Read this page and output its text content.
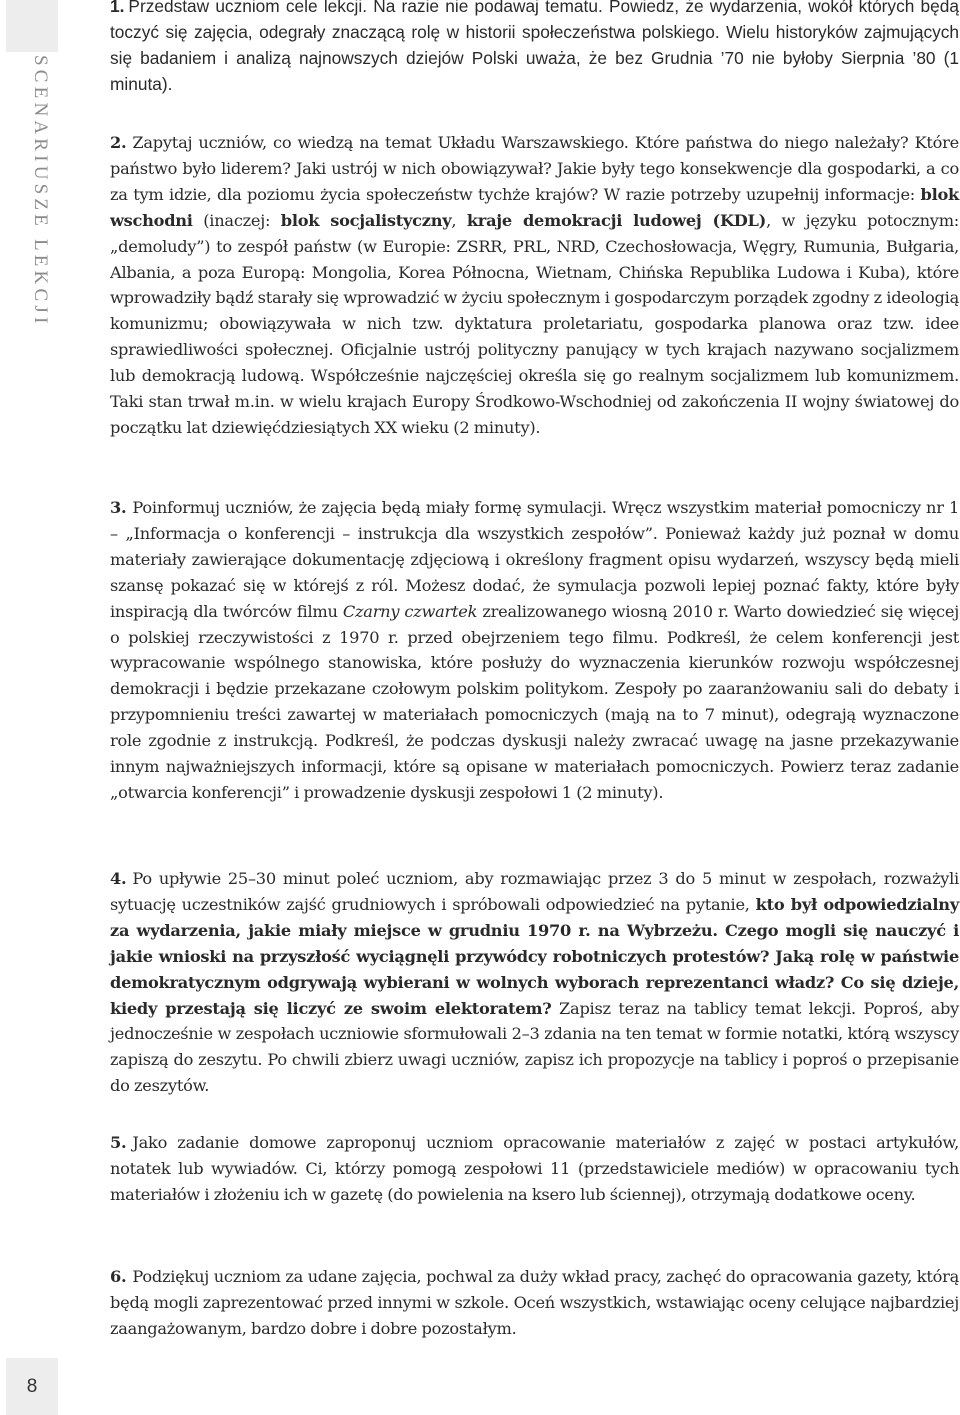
SCENARIUSZE LEKCJI
8

1. Przedstaw uczniom cele lekcji. Na razie nie podawaj tematu. Powiedz, że wydarzenia, wokół których będą toczyć się zajęcia, odegrały znaczącą rolę w historii społeczeństwa polskiego. Wielu historyków zajmujących się badaniem i analizą najnowszych dziejów Polski uważa, że bez Grudnia ’70 nie byłoby Sierpnia ’80 (1 minuta).

2. Zapytaj uczniów, co wiedzą na temat Układu Warszawskiego. Które państwa do niego należały? Które państwo było liderem? Jaki ustrój w nich obowiązywał? Jakie były tego konsekwencje dla gospodarki, a co za tym idzie, dla poziomu życia społeczeństw tychże krajów? W razie potrzeby uzupełnij informacje: blok wschodni (inaczej: blok socjalistyczny, kraje demokracji ludowej (KDL), w języku potocznym: „demoludy”) to zespół państw (w Europie: ZSRR, PRL, NRD, Czechosłowacja, Węgry, Rumunia, Bułgaria, Albania, a poza Europą: Mongolia, Korea Północna, Wietnam, Chińska Republika Ludowa i Kuba), które wprowadziły bądź starały się wprowadzić w życiu społecznym i gospodarczym porządek zgodny z ideologią komunizmu; obowiązywała w nich tzw. dyktatura proletariatu, gospodarka planowa oraz tzw. idee sprawiedliwości społecznej. Oficjalnie ustrój polityczny panujący w tych krajach nazywano socjalizmem lub demokracją ludową. Współcześnie najczęściej określa się go realnym socjalizmem lub komunizmem. Taki stan trwał m.in. w wielu krajach Europy Środkowo-Wschodniej od zakończenia II wojny światowej do początku lat dziewięćdziesiątych XX wieku (2 minuty).

3. Poinformuj uczniów, że zajęcia będą miały formę symulacji. Wręcz wszystkim materiał pomocniczy nr 1 – „Informacja o konferencji – instrukcja dla wszystkich zespołów”. Ponieważ każdy już poznał w domu materiały zawierające dokumentację zdjęciową i określony fragment opisu wydarzeń, wszyscy będą mieli szansę pokazać się w którejś z ról. Możesz dodać, że symulacja pozwoli lepiej poznać fakty, które były inspiracją dla twórców filmu Czarny czwartek zrealizowanego wiosną 2010 r. Warto dowiedzieć się więcej o polskiej rzeczywistości z 1970 r. przed obejrzeniem tego filmu. Podkreśl, że celem konferencji jest wypracowanie wspólnego stanowiska, które posłuży do wyznaczenia kierunków rozwoju współczesnej demokracji i będzie przekazane czołowym polskim politykom. Zespoły po zaaranżowaniu sali do debaty i przypomnieniu treści zawartej w materiałach pomocniczych (mają na to 7 minut), odegrają wyznaczone role zgodnie z instrukcją. Podkreśl, że podczas dyskusji należy zwracać uwagę na jasne przekazywanie innym najważniejszych informacji, które są opisane w materiałach pomocniczych. Powierz teraz zadanie „otwarcia konferencji” i prowadzenie dyskusji zespołowi 1 (2 minuty).

4. Po upływie 25–30 minut poleć uczniom, aby rozmawiając przez 3 do 5 minut w zespołach, rozważyli sytuację uczestników zajść grudniowych i spróbowali odpowiedzieć na pytanie, kto był odpowiedzialny za wydarzenia, jakie miały miejsce w grudniu 1970 r. na Wybrzeżu. Czego mogli się nauczyć i jakie wnioski na przyszłość wyciągnęli przywódcy robotniczych protestów? Jaką rolę w państwie demokratycznym odgrywają wybierani w wolnych wyborach reprezentanci władz? Co się dzieje, kiedy przestają się liczyć ze swoim elektoratem? Zapisz teraz na tablicy temat lekcji. Poproś, aby jednocześnie w zespołach uczniowie sformułowali 2–3 zdania na ten temat w formie notatki, którą wszyscy zapiszą do zeszytu. Po chwili zbierz uwagi uczniów, zapisz ich propozycje na tablicy i poproś o przepisanie do zeszytów.

5. Jako zadanie domowe zaproponuj uczniom opracowanie materiałów z zajęć w postaci artykułów, notatek lub wywiadów. Ci, którzy pomogą zespołowi 11 (przedstawiciele mediów) w opracowaniu tych materiałów i złożeniu ich w gazetę (do powielenia na ksero lub ściennej), otrzymają dodatkowe oceny.

6. Podziękuj uczniom za udane zajęcia, pochwal za duży wkład pracy, zachęć do opracowania gazety, którą będą mogli zaprezentować przed innymi w szkole. Oceń wszystkich, wstawiając oceny celujące najbardziej zaangażowanym, bardzo dobre i dobre pozostałym.
